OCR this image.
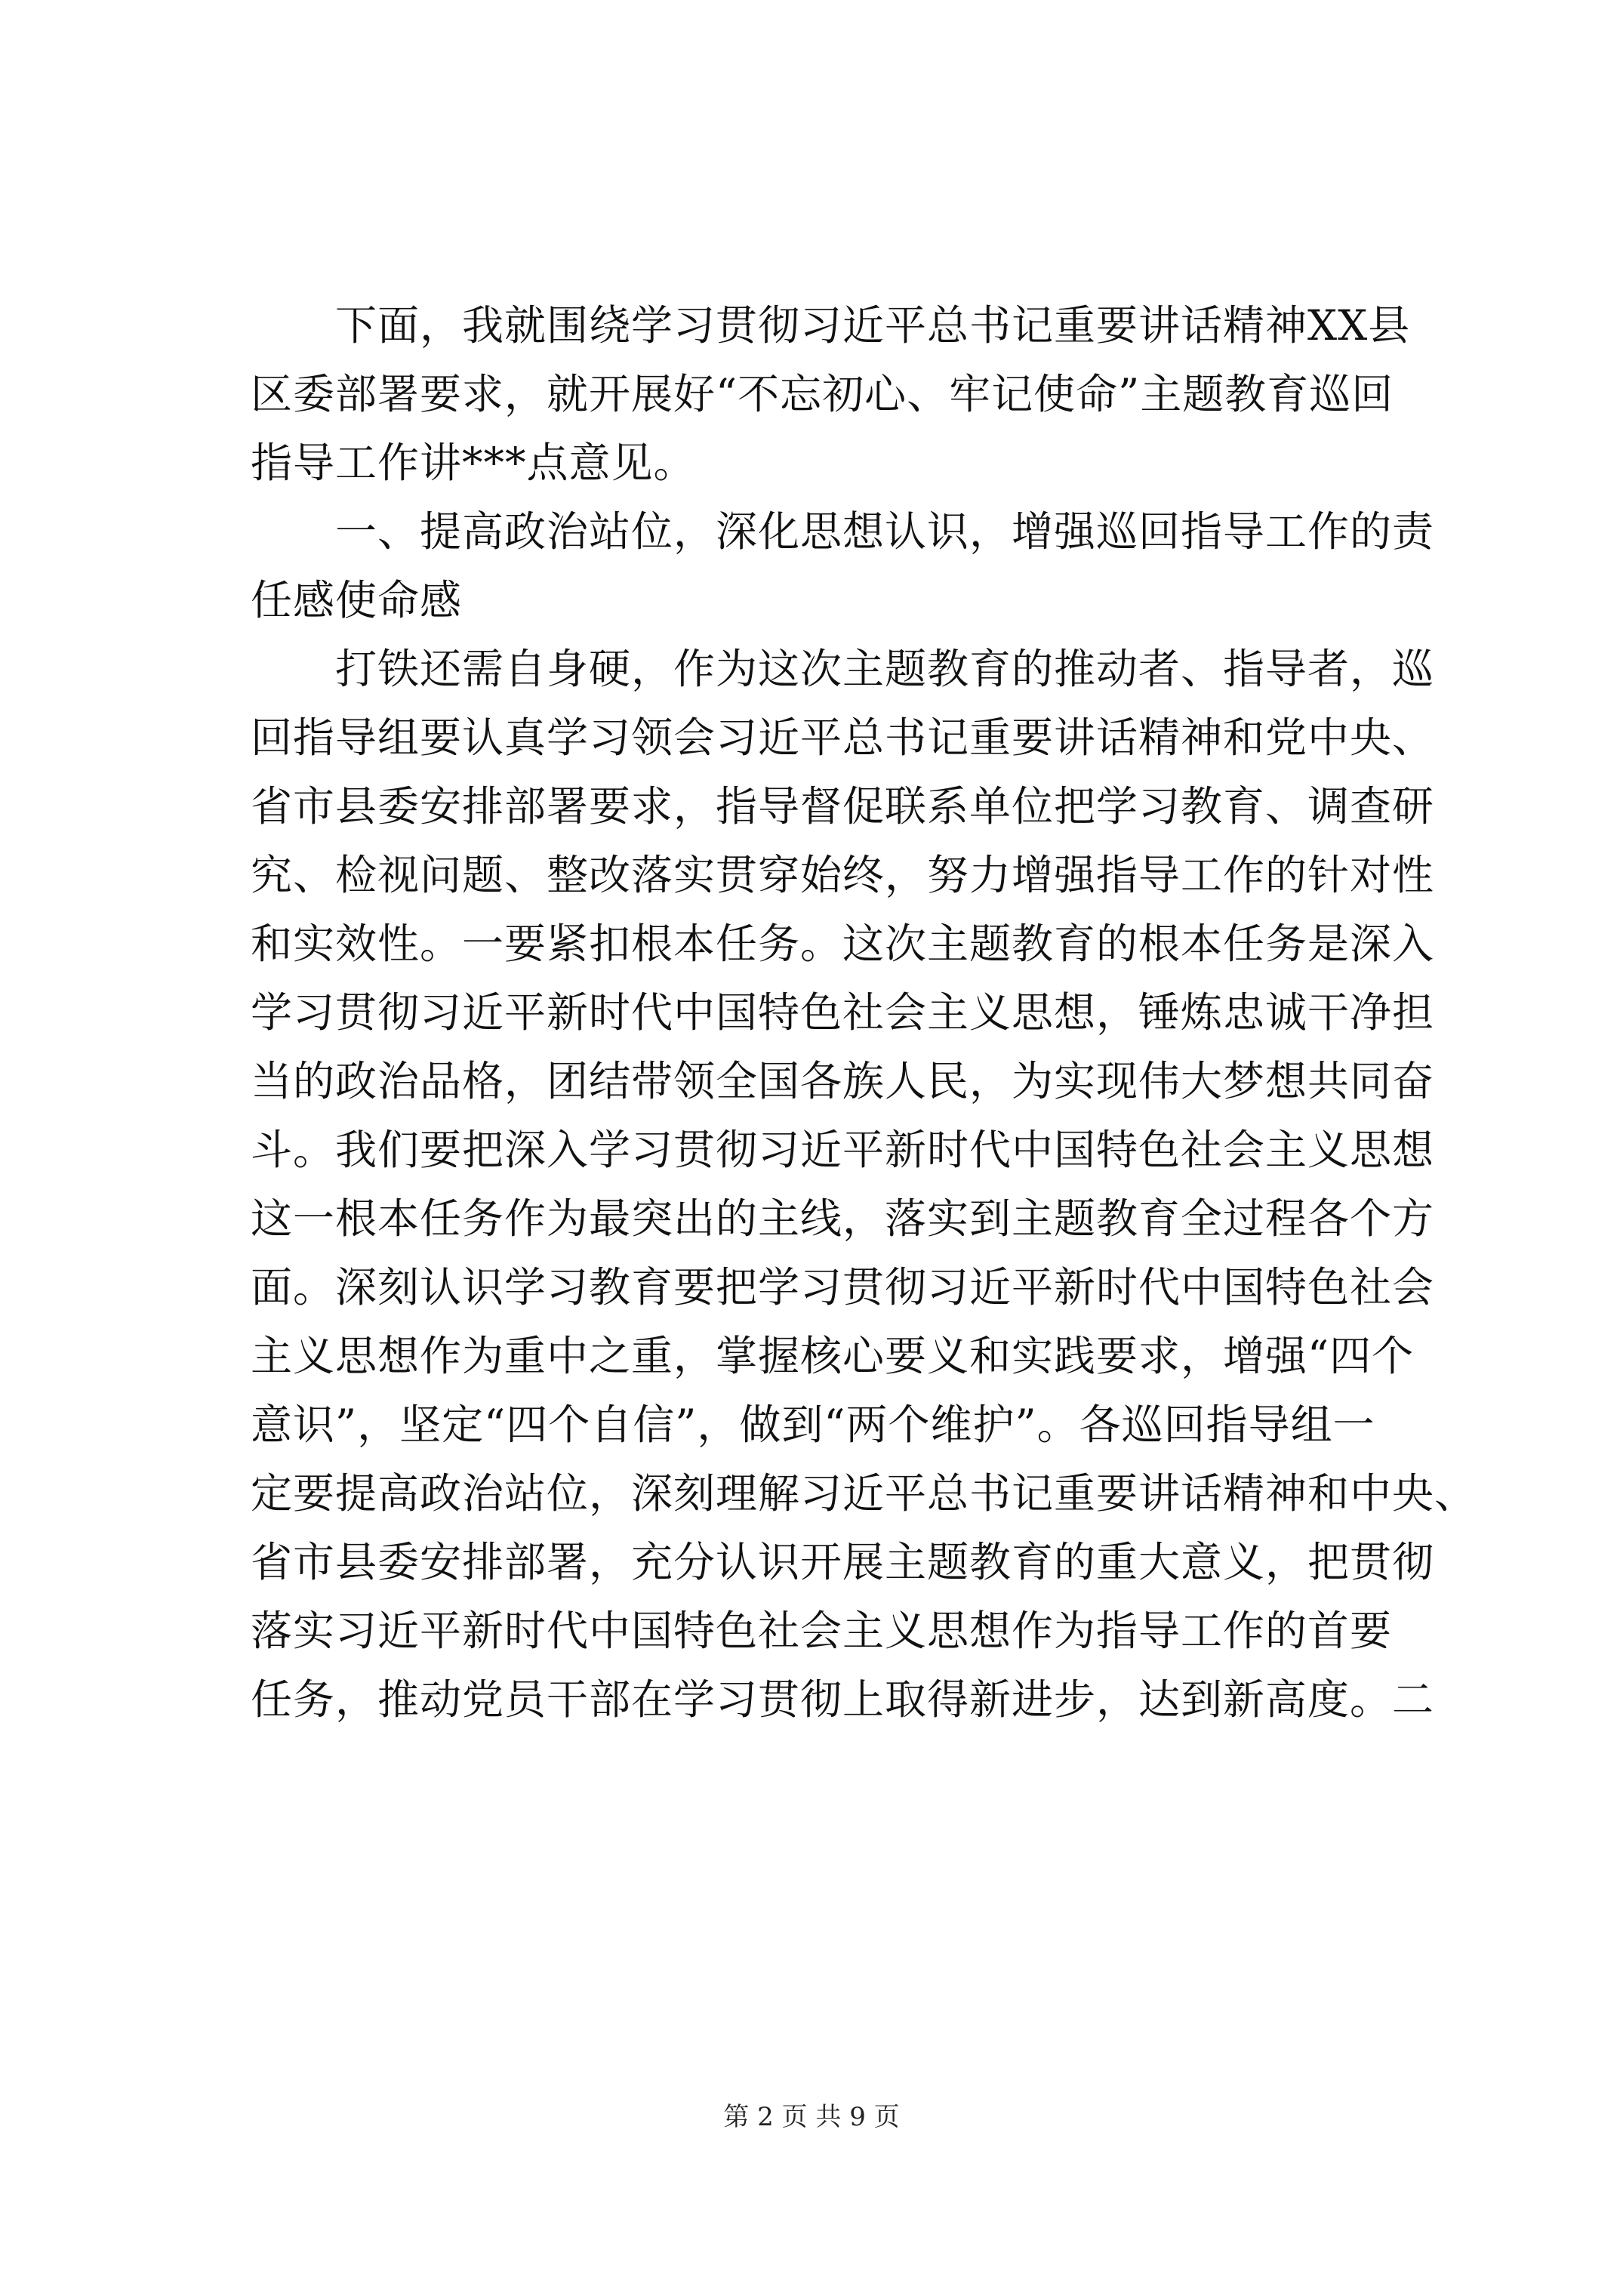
　　下面，我就围绕学习贯彻习近平总书记重要讲话精神XX县
区委部署要求，就开展好“不忘初心、牢记使命”主题教育巡回
指导工作讲***点意见。
　　一、提高政治站位，深化思想认识，增强巡回指导工作的责
任感使命感
　　打铁还需自身硬，作为这次主题教育的推动者、指导者，巡
回指导组要认真学习领会习近平总书记重要讲话精神和党中央、
省市县委安排部署要求，指导督促联系单位把学习教育、调查研
究、检视问题、整改落实贯穿始终，努力增强指导工作的针对性
和实效性。一要紧扣根本任务。这次主题教育的根本任务是深入
学习贯彻习近平新时代中国特色社会主义思想，锤炼忠诚干净担
当的政治品格，团结带领全国各族人民，为实现伟大梦想共同奋
斗。我们要把深入学习贯彻习近平新时代中国特色社会主义思想
这一根本任务作为最突出的主线，落实到主题教育全过程各个方
面。深刻认识学习教育要把学习贯彻习近平新时代中国特色社会
主义思想作为重中之重，掌握核心要义和实践要求，增强“四个
意识”，坚定“四个自信”，做到“两个维护”。各巡回指导组一
定要提高政治站位，深刻理解习近平总书记重要讲话精神和中央、
省市县委安排部署，充分认识开展主题教育的重大意义，把贯彻
落实习近平新时代中国特色社会主义思想作为指导工作的首要
任务，推动党员干部在学习贯彻上取得新进步，达到新高度。二
第 2 页 共 9 页
